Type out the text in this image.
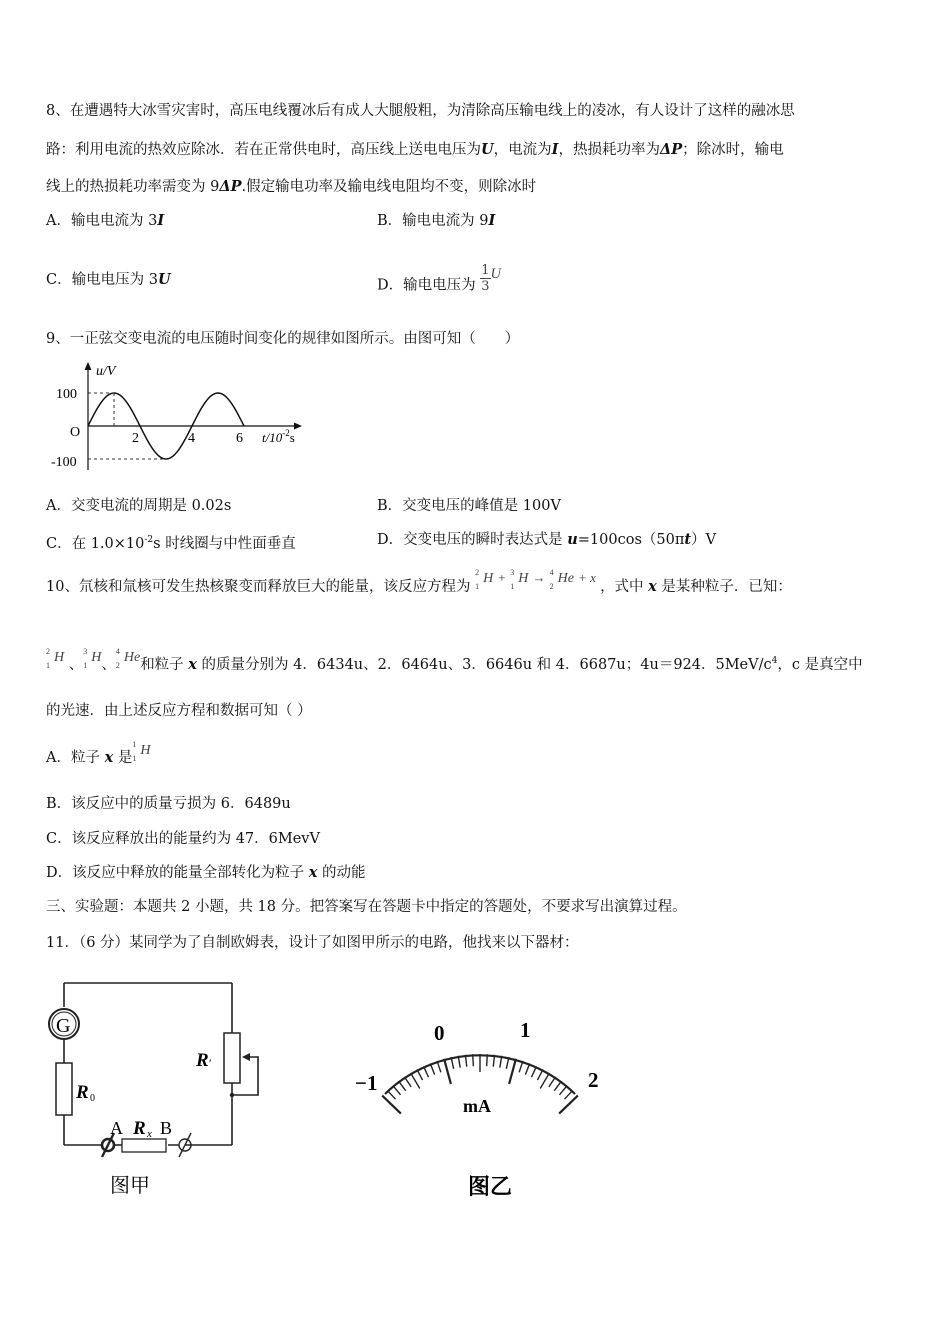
8、在遭遇特大冰雪灾害时，高压电线覆冰后有成人大腿般粗，为清除高压输电线上的凌冰，有人设计了这样的融冰思
路：利用电流的热效应除冰．若在正常供电时，高压线上送电电压为U，电流为I，热损耗功率为ΔP；除冰时，输电
线上的热损耗功率需变为 9ΔP.假定输电功率及输电线电阻均不变，则除冰时
A．输电电流为 3I	B．输电电流为 9I
C．输电电压为 3U	D．输电电压为 $\frac{1}{3}$ U
9、一正弦交变电流的电压随时间变化的规律如图所示。由图可知（　　）
u/V
100
O
-100
2	4	6 $t/10^{-2}s$
A．交变电流的周期是 0.02s	B．交变电压的峰值是 100V
C．在 $1.0\times 10^{-2}s$ 时线圈与中性面垂直	D．交变电压的瞬时表达式是 u=100cos（50πt）V
10、氘核和氚核可发生热核聚变而释放巨大的能量，该反应方程为
2
1
H + 3
1
H → 4
2
He + x ，式中 x 是某种粒子．已知：
2
1
H 、
3
1
H、
4
2
He和粒子 x 的质量分别为 4．6434u、2．6464u、3．6646u 和 4．6687u；4u＝924．$5MeV/c^4$，c 是真空中
的光速．由上述反应方程和数据可知（ ）
A．粒子 x 是
1
1
H
B．该反应中的质量亏损为 6．6489u
C．该反应释放出的能量约为 47．6MevV
D．该反应中释放的能量全部转化为粒子 x 的动能
三、实验题：本题共 2 小题，共 18 分。把答案写在答题卡中指定的答题处，不要求写出演算过程。
11．（6 分）某同学为了自制欧姆表，设计了如图甲所示的电路，他找来以下器材：
G
R 0
R ′
A R x B
图甲
−1
0	1
2
mA
图乙
